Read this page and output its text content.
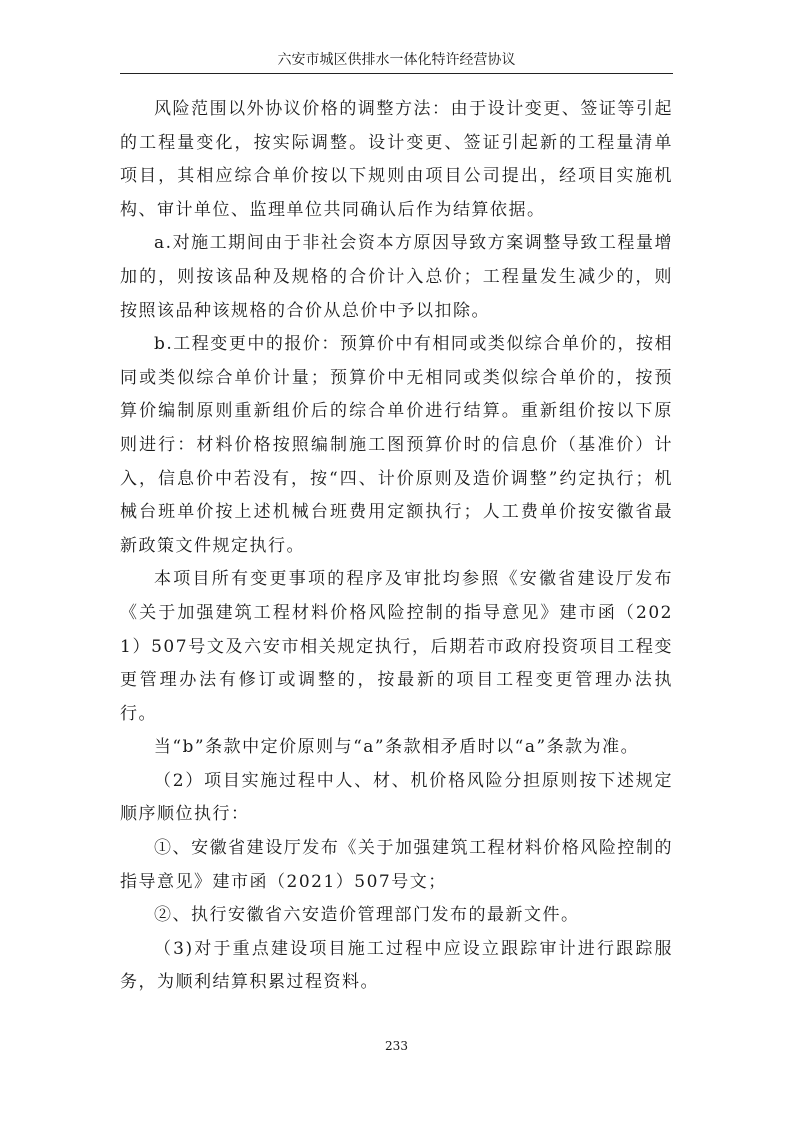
六安市城区供排水一体化特许经营协议

风险范围以外协议价格的调整方法：由于设计变更、签证等引起的工程量变化，按实际调整。设计变更、签证引起新的工程量清单项目，其相应综合单价按以下规则由项目公司提出，经项目实施机构、审计单位、监理单位共同确认后作为结算依据。

a.对施工期间由于非社会资本方原因导致方案调整导致工程量增加的，则按该品种及规格的合价计入总价；工程量发生减少的，则按照该品种该规格的合价从总价中予以扣除。

b.工程变更中的报价：预算价中有相同或类似综合单价的，按相同或类似综合单价计量；预算价中无相同或类似综合单价的，按预算价编制原则重新组价后的综合单价进行结算。重新组价按以下原则进行：材料价格按照编制施工图预算价时的信息价（基准价）计入，信息价中若没有，按“四、计价原则及造价调整”约定执行；机械台班单价按上述机械台班费用定额执行；人工费单价按安徽省最新政策文件规定执行。

本项目所有变更事项的程序及审批均参照《安徽省建设厅发布《关于加强建筑工程材料价格风险控制的指导意见》建市函（2021）507号文及六安市相关规定执行，后期若市政府投资项目工程变更管理办法有修订或调整的，按最新的项目工程变更管理办法执行。

当“b”条款中定价原则与“a”条款相矛盾时以“a”条款为准。

（2）项目实施过程中人、材、机价格风险分担原则按下述规定顺序顺位执行：

①、安徽省建设厅发布《关于加强建筑工程材料价格风险控制的指导意见》建市函（2021）507号文；

②、执行安徽省六安造价管理部门发布的最新文件。

（3)对于重点建设项目施工过程中应设立跟踪审计进行跟踪服务，为顺利结算积累过程资料。

233
